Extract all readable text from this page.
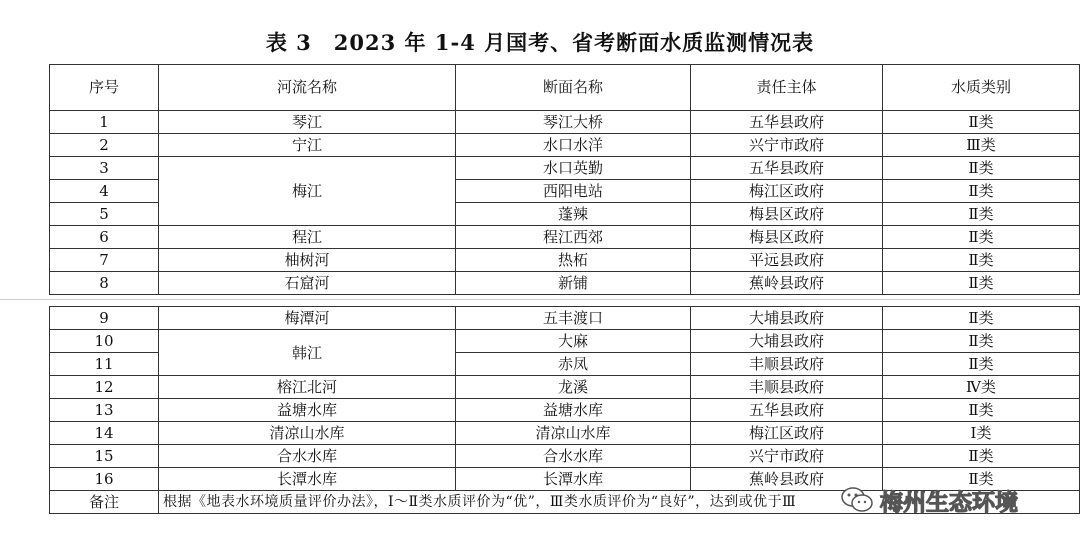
表 3　2023 年 1-4 月国考、省考断面水质监测情况表
序号	河流名称	断面名称	责任主体	水质类别
1	琴江	琴江大桥	五华县政府	Ⅱ类
2	宁江	水口水洋	兴宁市政府	Ⅲ类
3	梅江	水口英勤	五华县政府	Ⅱ类
4		西阳电站	梅江区政府	Ⅱ类
5		蓬辣	梅县区政府	Ⅱ类
6	程江	程江西郊	梅县区政府	Ⅱ类
7	柚树河	热柘	平远县政府	Ⅱ类
8	石窟河	新铺	蕉岭县政府	Ⅱ类
9	梅潭河	五丰渡口	大埔县政府	Ⅱ类
10	韩江	大麻	大埔县政府	Ⅱ类
11		赤凤	丰顺县政府	Ⅱ类
12	榕江北河	龙溪	丰顺县政府	Ⅳ类
13	益塘水库	益塘水库	五华县政府	Ⅱ类
14	清凉山水库	清凉山水库	梅江区政府	Ⅰ类
15	合水水库	合水水库	兴宁市政府	Ⅱ类
16	长潭水库	长潭水库	蕉岭县政府	Ⅱ类
备注	根据《地表水环境质量评价办法》，Ⅰ～Ⅱ类水质评价为“优”，Ⅲ类水质评价为“良好”，达到或优于Ⅲ				梅州生态环境
